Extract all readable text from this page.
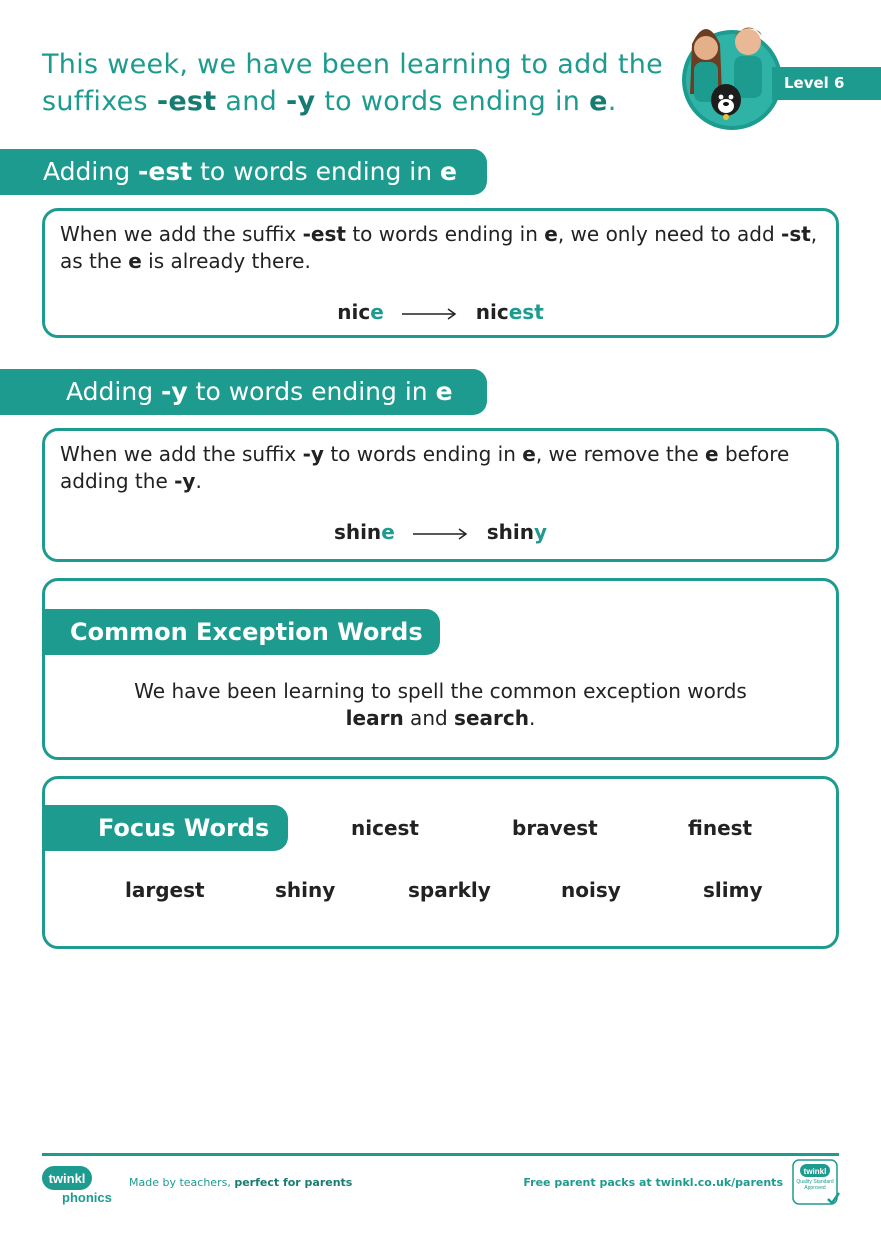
This week, we have been learning to add the suffixes -est and -y to words ending in e.
Level 6
Adding -est to words ending in e
When we add the suffix -est to words ending in e, we only need to add -st, as the e is already there.
nice	nicest
Adding -y to words ending in e
When we add the suffix -y to words ending in e, we remove the e before adding the -y.
shine	shiny
Common Exception Words
We have been learning to spell the common exception words
learn and search.
Focus Words	nicest	bravest	finest
largest	shiny	sparkly	noisy	slimy
twinkl
phonics
Made by teachers, perfect for parents	Free parent packs at twinkl.co.uk/parents
twinkl
Quality Standard Approved
